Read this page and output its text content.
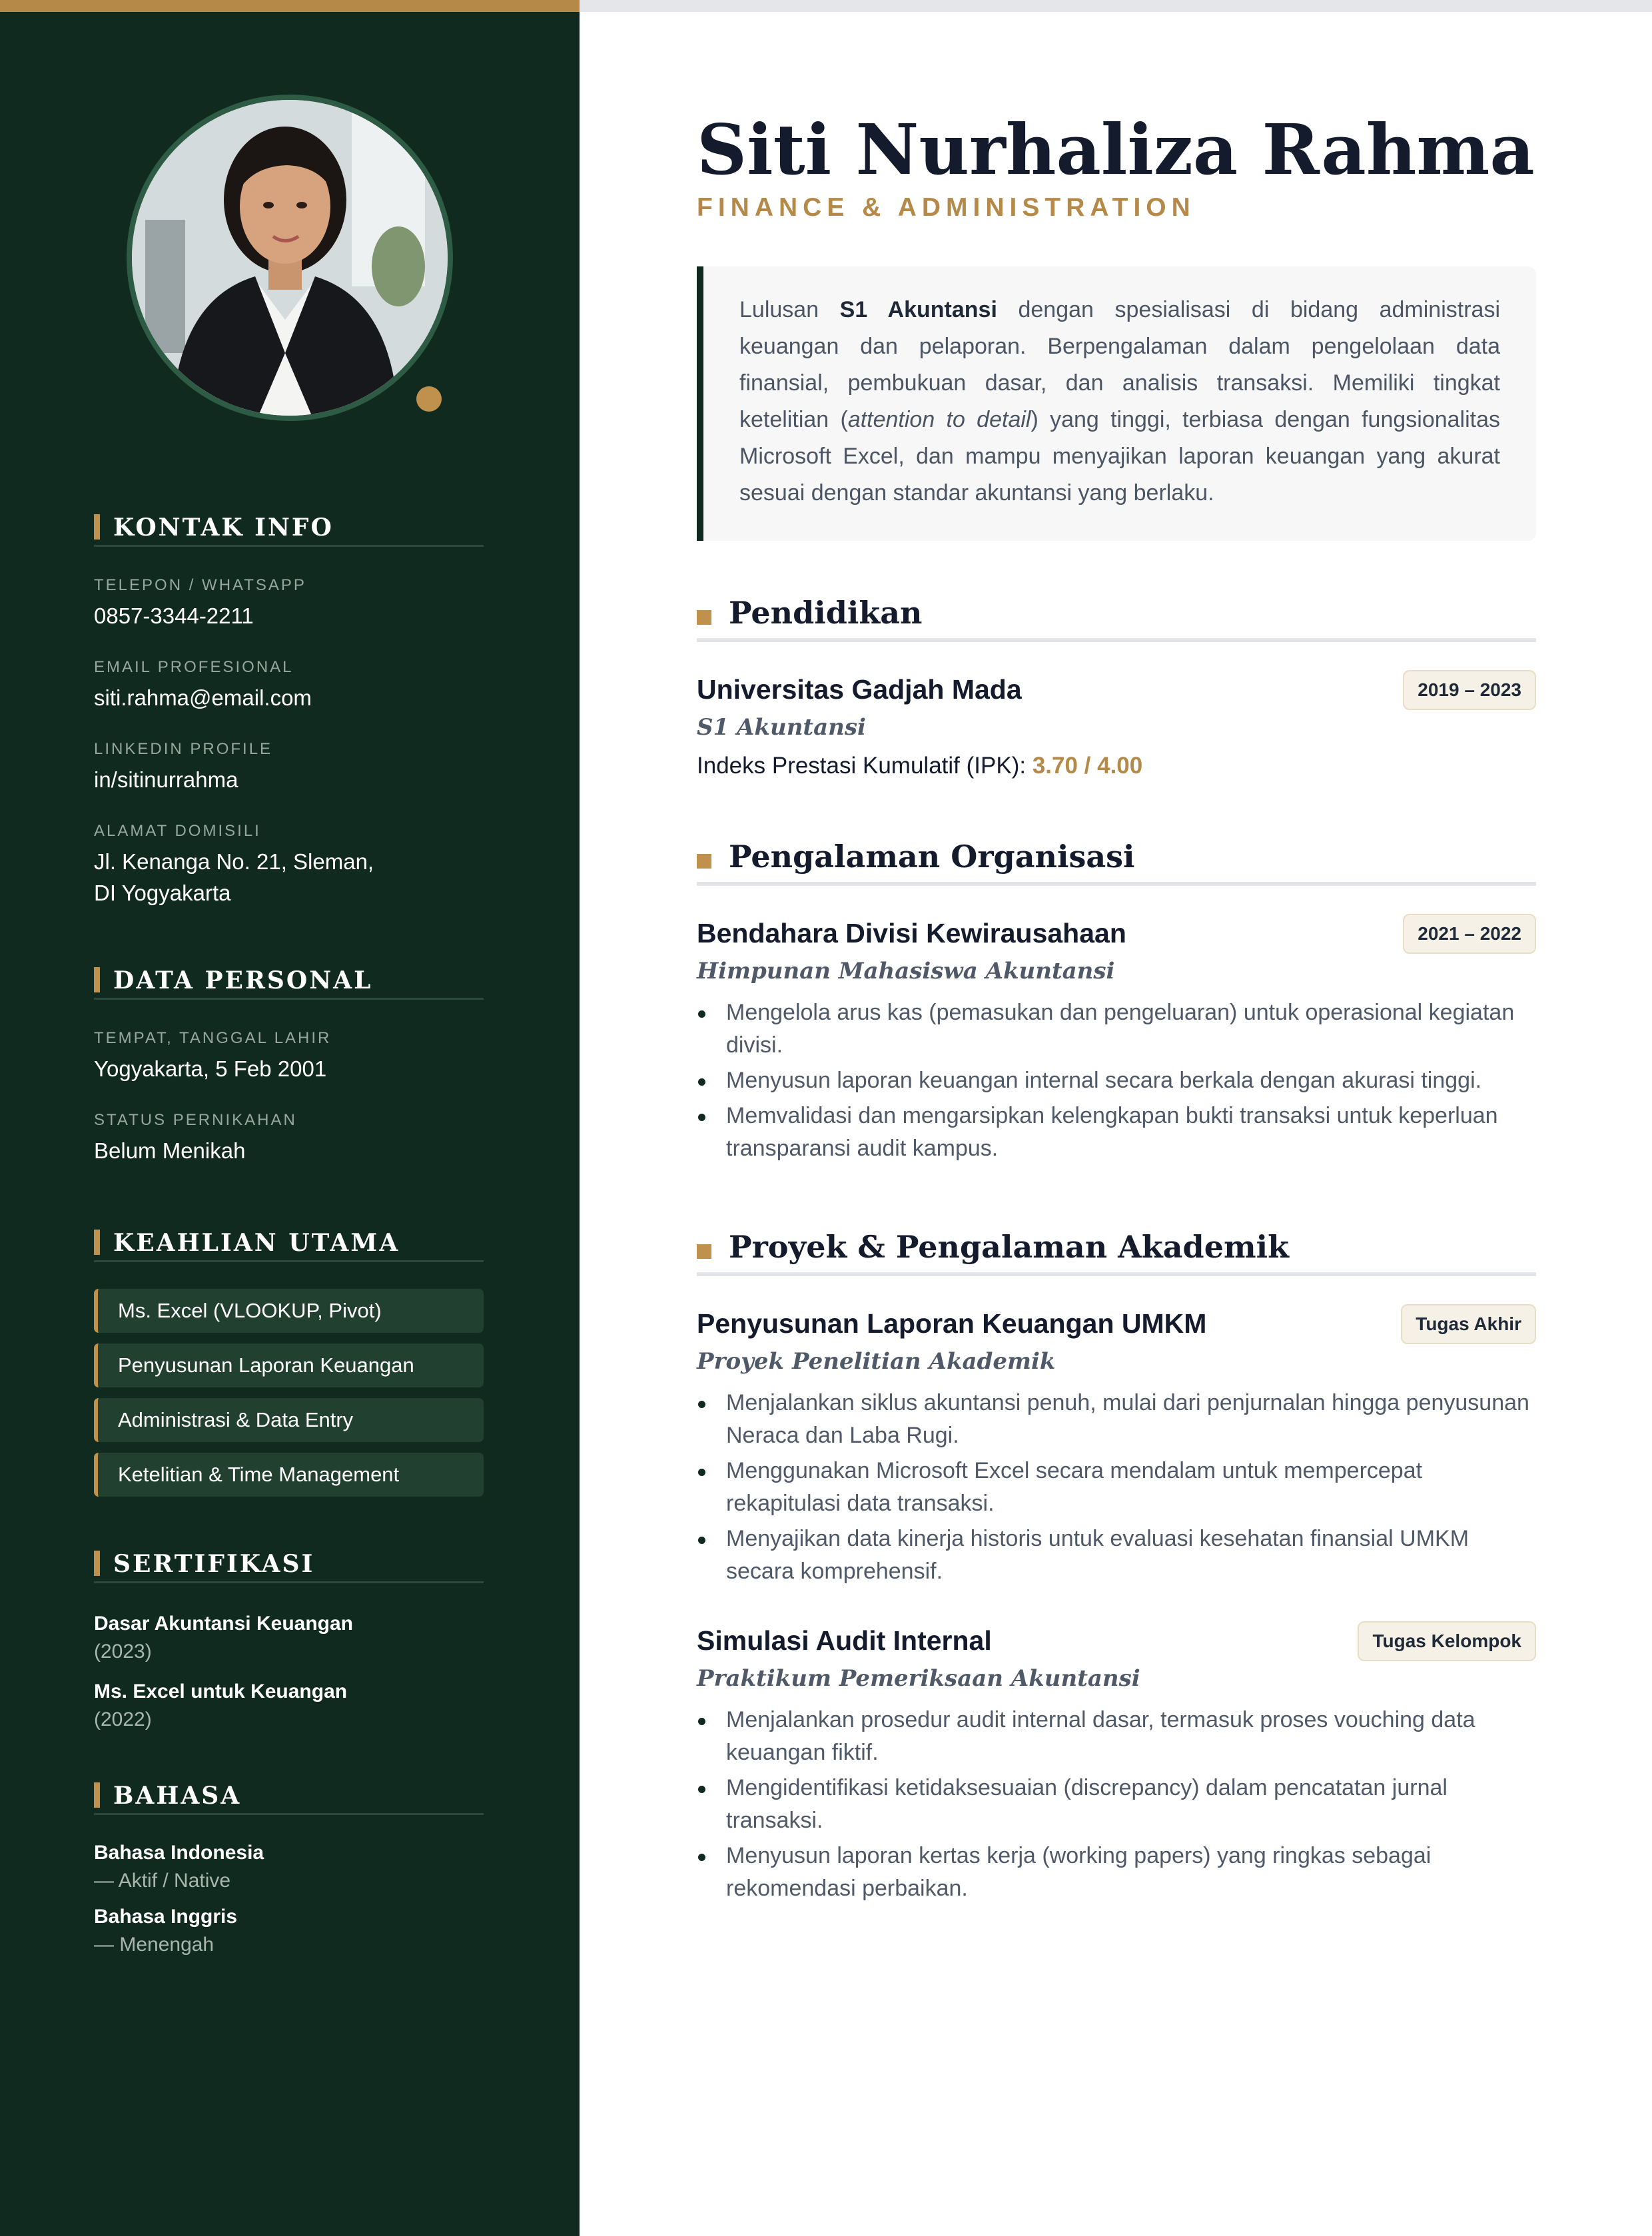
KONTAK INFO
TELEPON / WHATSAPP
0857-3344-2211
EMAIL PROFESIONAL
siti.rahma@email.com
LINKEDIN PROFILE
in/sitinurrahma
ALAMAT DOMISILI
Jl. Kenanga No. 21, Sleman,
DI Yogyakarta
DATA PERSONAL
TEMPAT, TANGGAL LAHIR
Yogyakarta, 5 Feb 2001
STATUS PERNIKAHAN
Belum Menikah
KEAHLIAN UTAMA
Ms. Excel (VLOOKUP, Pivot)
Penyusunan Laporan Keuangan
Administrasi & Data Entry
Ketelitian & Time Management
SERTIFIKASI
Dasar Akuntansi Keuangan
(2023)
Ms. Excel untuk Keuangan
(2022)
BAHASA
Bahasa Indonesia
— Aktif / Native
Bahasa Inggris
— Menengah
Siti Nurhaliza Rahma
FINANCE & ADMINISTRATION

Lulusan S1 Akuntansi dengan spesialisasi di bidang administrasi keuangan dan pelaporan. Berpengalaman dalam pengelolaan data finansial, pembukuan dasar, dan analisis transaksi. Memiliki tingkat ketelitian (attention to detail) yang tinggi, terbiasa dengan fungsionalitas Microsoft Excel, dan mampu menyajikan laporan keuangan yang akurat sesuai dengan standar akuntansi yang berlaku.

Pendidikan
Universitas Gadjah Mada	2019 – 2023
S1 Akuntansi
Indeks Prestasi Kumulatif (IPK): 3.70 / 4.00
Pengalaman Organisasi
Bendahara Divisi Kewirausahaan	2021 – 2022
Himpunan Mahasiswa Akuntansi
Mengelola arus kas (pemasukan dan pengeluaran) untuk operasional kegiatan divisi.
Menyusun laporan keuangan internal secara berkala dengan akurasi tinggi.
Memvalidasi dan mengarsipkan kelengkapan bukti transaksi untuk keperluan transparansi audit kampus.
Proyek & Pengalaman Akademik
Penyusunan Laporan Keuangan UMKM	Tugas Akhir
Proyek Penelitian Akademik
Menjalankan siklus akuntansi penuh, mulai dari penjurnalan hingga penyusunan Neraca dan Laba Rugi.
Menggunakan Microsoft Excel secara mendalam untuk mempercepat rekapitulasi data transaksi.
Menyajikan data kinerja historis untuk evaluasi kesehatan finansial UMKM secara komprehensif.
Simulasi Audit Internal	Tugas Kelompok
Praktikum Pemeriksaan Akuntansi
Menjalankan prosedur audit internal dasar, termasuk proses vouching data keuangan fiktif.
Mengidentifikasi ketidaksesuaian (discrepancy) dalam pencatatan jurnal transaksi.
Menyusun laporan kertas kerja (working papers) yang ringkas sebagai rekomendasi perbaikan.
